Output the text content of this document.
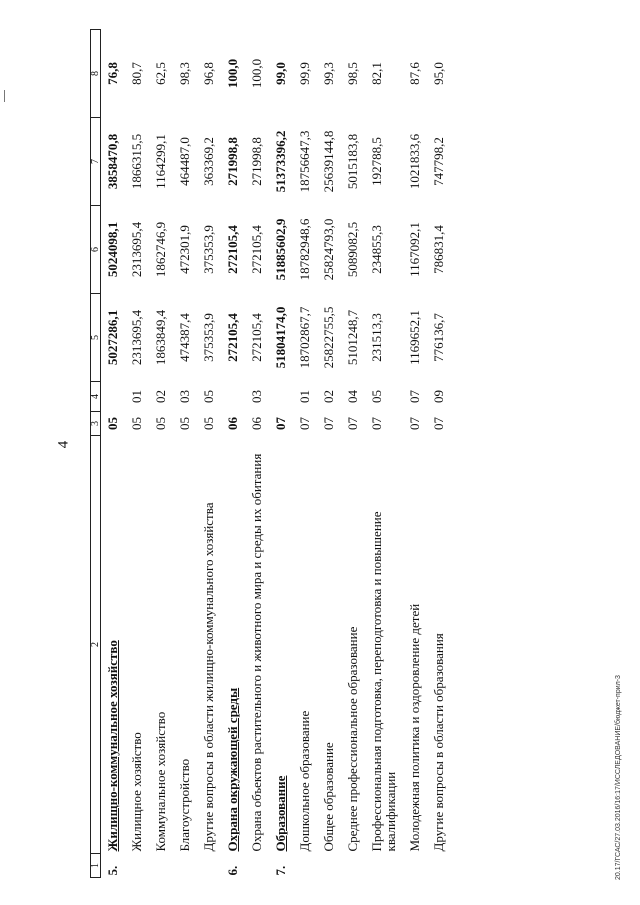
4
1	2	3	4	5	6	7	8
5.	Жилищно-коммунальное хозяйство	05		5027286,1	5024098,1	3858470,8	76,8
	Жилищное хозяйство	05	01	2313695,4	2313695,4	1866315,5	80,7
	Коммунальное хозяйство	05	02	1863849,4	1862746,9	1164299,1	62,5
	Благоустройство	05	03	474387,4	472301,9	464487,0	98,3
	Другие вопросы в области жилищно-коммунального хозяйства	05	05	375353,9	375353,9	363369,2	96,8
6.	Охрана окружающей среды	06		272105,4	272105,4	271998,8	100,0
	Охрана объектов растительного и животного мира и среды их обитания	06	03	272105,4	272105,4	271998,8	100,0
7.	Образование	07		51804174,0	51885602,9	51373396,2	99,0
	Дошкольное образование	07	01	18702867,7	18782948,6	18756647,3	99,9
	Общее образование	07	02	25822755,5	25824793,0	25639144,8	99,3
	Среднее профессиональное образование	07	04	5101248,7	5089082,5	5015183,8	98,5
	Профессиональная подготовка, переподготовка и повышение квалификации	07	05	231513,3	234855,3	192788,5	82,1
	Молодежная политика и оздоровление детей	07	07	1169652,1	1167092,1	1021833,6	87,6
	Другие вопросы в области образования	07	09	776136,7	786831,4	747798,2	95,0
20.17/ГСАС/27.03.2016/16:17/ИССЛЕДОВАНИЕ/бюджет-прил-3
